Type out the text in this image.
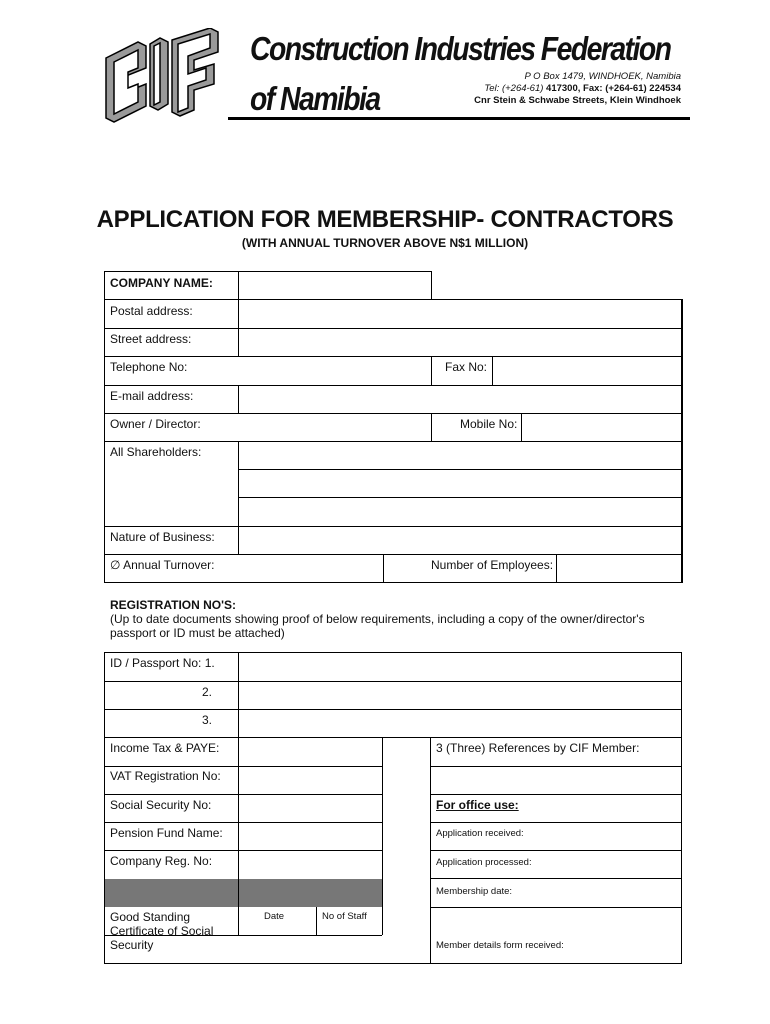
Construction Industries Federation
of Namibia
P O Box 1479, WINDHOEK, Namibia
Tel: (+264-61) 417300, Fax: (+264-61) 224534
Cnr Stein & Schwabe Streets, Klein Windhoek
APPLICATION FOR MEMBERSHIP- CONTRACTORS
(WITH ANNUAL TURNOVER ABOVE N$1 MILLION)
COMPANY NAME:
Postal address:
Street address:
Telephone No:	Fax No:
E-mail address:
Owner / Director:	Mobile No:
All Shareholders:
Nature of Business:
∅ Annual Turnover:	Number of Employees:
REGISTRATION NO'S:
(Up to date documents showing proof of below requirements, including a copy of the owner/director's
passport or ID must be attached)
ID / Passport No: 1.
2.
3.
Income Tax & PAYE:	3 (Three) References by CIF Member:
VAT Registration No:
Social Security No:	For office use:
Pension Fund Name:	Application received:
Company Reg. No:	Application processed:
Membership date:
Good Standing
Certificate of Social
Security
Date	No of Staff
Member details form received:
